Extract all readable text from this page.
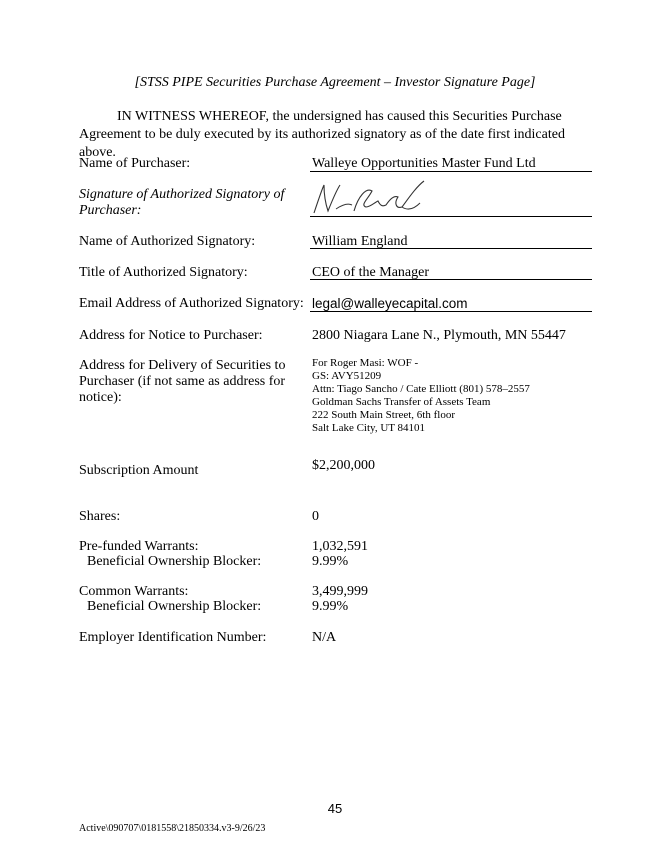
[STSS PIPE Securities Purchase Agreement – Investor Signature Page]
IN WITNESS WHEREOF, the undersigned has caused this Securities Purchase Agreement to be duly executed by its authorized signatory as of the date first indicated above.
Name of Purchaser:	Walleye Opportunities Master Fund Ltd
Signature of Authorized Signatory of
Purchaser:
Name of Authorized Signatory:	William England
Title of Authorized Signatory:	CEO of the Manager
Email Address of Authorized Signatory: legal@walleyecapital.com
Address for Notice to Purchaser:	2800 Niagara Lane N., Plymouth, MN 55447
Address for Delivery of Securities to
Purchaser (if not same as address for
notice):
For Roger Masi: WOF -
GS: AVY51209
Attn: Tiago Sancho / Cate Elliott (801) 578–2557
Goldman Sachs Transfer of Assets Team
222 South Main Street, 6th floor
Salt Lake City, UT 84101
Subscription Amount	$2,200,000
Shares:	0
Pre-funded Warrants:	1,032,591
Beneficial Ownership Blocker:	9.99%
Common Warrants:	3,499,999
Beneficial Ownership Blocker:	9.99%
Employer Identification Number:	N/A
45
Active\090707\0181558\21850334.v3-9/26/23
